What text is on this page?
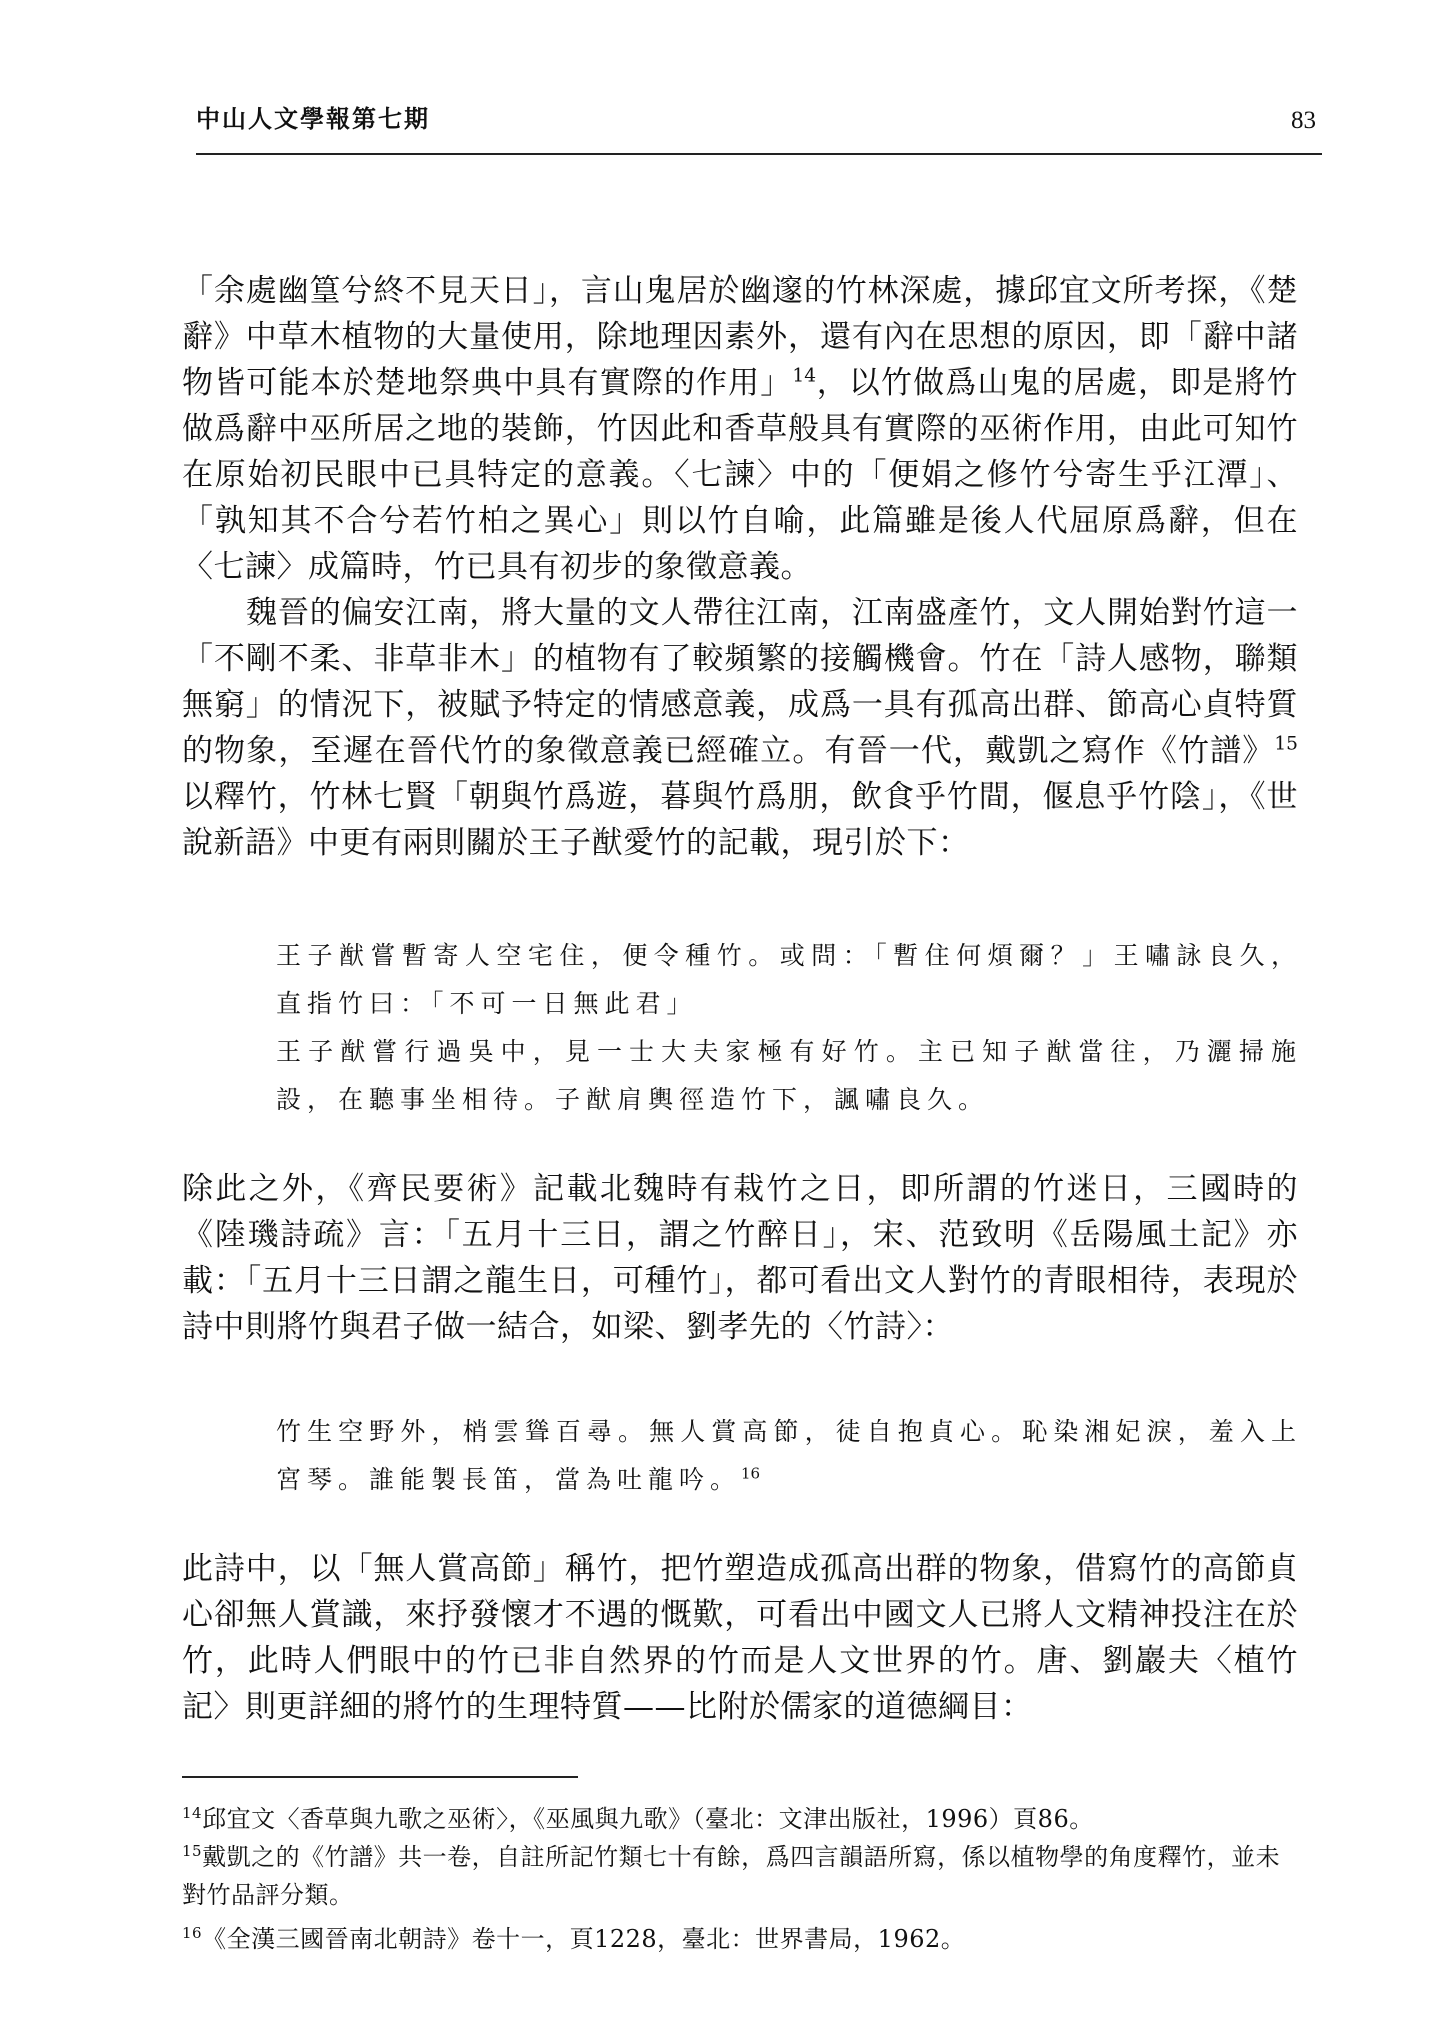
中山人文學報第七期	83
「余處幽篁兮終不見天日」，言山鬼居於幽邃的竹林深處，據邱宜文所考探，《楚辭》中草木植物的大量使用，除地理因素外，還有內在思想的原因，即「辭中諸物皆可能本於楚地祭典中具有實際的作用」$^{14}$，以竹做爲山鬼的居處，即是將竹做爲辭中巫所居之地的裝飾，竹因此和香草般具有實際的巫術作用，由此可知竹在原始初民眼中已具特定的意義。〈七諫〉中的「便娟之修竹兮寄生乎江潭」、「孰知其不合兮若竹柏之異心」則以竹自喻，此篇雖是後人代屈原爲辭，但在〈七諫〉成篇時，竹已具有初步的象徵意義。
魏晉的偏安江南，將大量的文人帶往江南，江南盛產竹，文人開始對竹這一「不剛不柔、非草非木」的植物有了較頻繁的接觸機會。竹在「詩人感物，聯類無窮」的情況下，被賦予特定的情感意義，成爲一具有孤高出群、節高心貞特質的物象，至遲在晉代竹的象徵意義已經確立。有晉一代，戴凱之寫作《竹譜》$^{15}$以釋竹，竹林七賢「朝與竹爲遊，暮與竹爲朋，飲食乎竹間，偃息乎竹陰」，《世說新語》中更有兩則關於王子猷愛竹的記載，現引於下：

王子猷嘗暫寄人空宅住，便令種竹。或問：「暫住何煩爾？」王嘯詠良久，直指竹曰：「不可一日無此君」

王子猷嘗行過吳中，見一士大夫家極有好竹。主已知子猷當往，乃灑掃施設，在聽事坐相待。子猷肩輿徑造竹下，諷嘯良久。

除此之外，《齊民要術》記載北魏時有栽竹之日，即所謂的竹迷日，三國時的《陸璣詩疏》言：「五月十三日，謂之竹醉日」，宋、范致明《岳陽風土記》亦載：「五月十三日謂之龍生日，可種竹」，都可看出文人對竹的青眼相待，表現於詩中則將竹與君子做一結合，如梁、劉孝先的〈竹詩〉：
竹生空野外，梢雲聳百尋。無人賞高節，徒自抱貞心。恥染湘妃淚，羞入上宮琴。誰能製長笛，當為吐龍吟。$^{16}$
此詩中，以「無人賞高節」稱竹，把竹塑造成孤高出群的物象，借寫竹的高節貞心卻無人賞識，來抒發懷才不遇的慨歎，可看出中國文人已將人文精神投注在於竹，此時人們眼中的竹已非自然界的竹而是人文世界的竹。唐、劉巖夫〈植竹記〉則更詳細的將竹的生理特質——比附於儒家的道德綱目：

$^{14}$邱宜文〈香草與九歌之巫術〉，《巫風與九歌》（臺北：文津出版社，1996）頁86。

$^{15}$戴凱之的《竹譜》共一卷，自註所記竹類七十有餘，爲四言韻語所寫，係以植物學的角度釋竹，並未對竹品評分類。

$^{16}$《全漢三國晉南北朝詩》卷十一，頁1228，臺北：世界書局，1962。
